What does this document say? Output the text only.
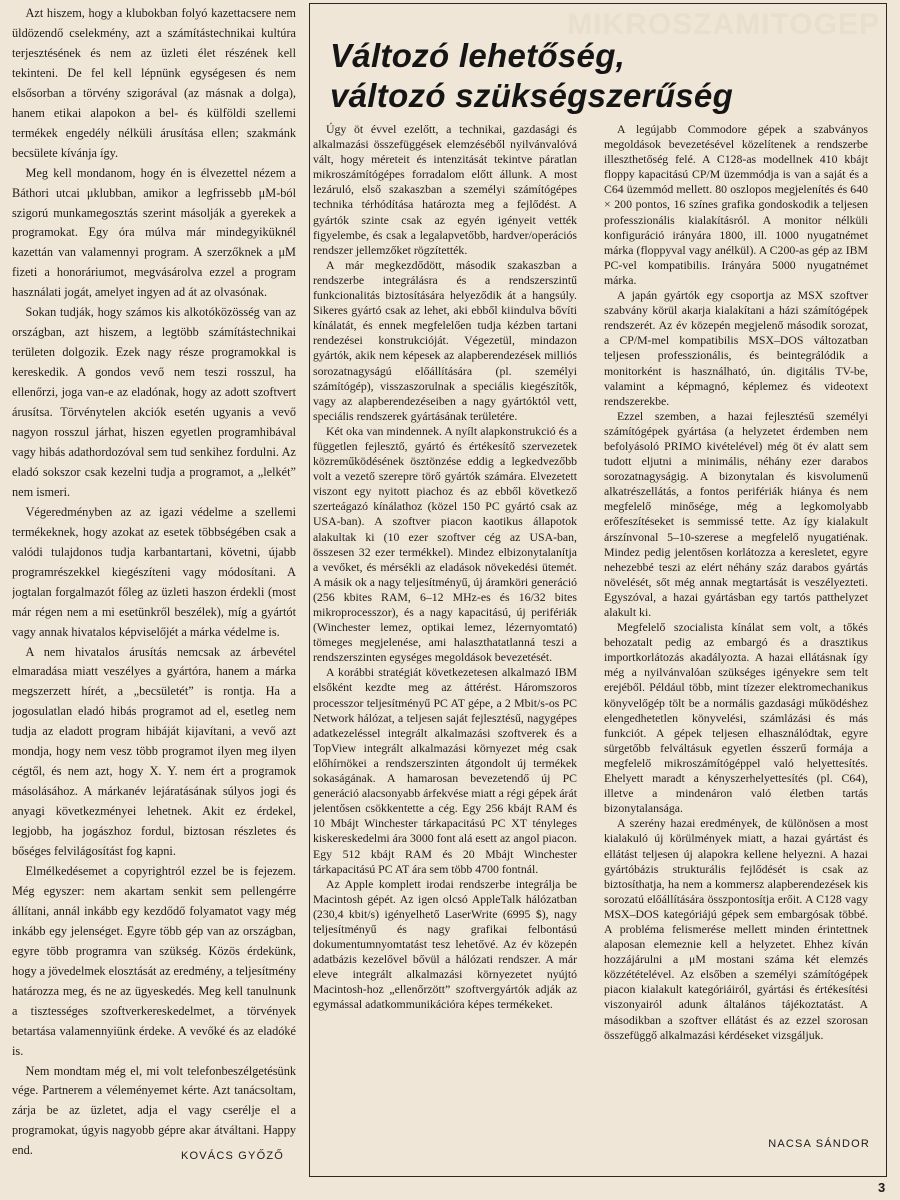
Azt hiszem, hogy a klubokban folyó kazettacsere nem üldözendő cselekmény, azt a számítástechnikai kultúra terjesztésének és nem az üzleti élet részének kell tekinteni. De fel kell lépnünk egységesen és nem elsősorban a törvény szigorával (az másnak a dolga), hanem etikai alapokon a bel- és külföldi szellemi termékek engedély nélküli árusítása ellen; szakmánk becsülete kívánja így.

Meg kell mondanom, hogy én is élvezettel nézem a Báthori utcai μklubban, amikor a legfrissebb μM-ból szigorú munkamegosztás szerint másolják a gyerekek a programokat. Egy óra múlva már mindegyiküknél kazettán van valamennyi program. A szerzőknek a μM fizeti a honoráriumot, megvásárolva ezzel a program használati jogát, amelyet ingyen ad át az olvasónak.

Sokan tudják, hogy számos kis alkotóközösség van az országban, azt hiszem, a legtöbb számítástechnikai területen dolgozik. Ezek nagy része programokkal is kereskedik. A gondos vevő nem teszi rosszul, ha ellenőrzi, joga van-e az eladónak, hogy az adott szoftvert árusítsa. Törvénytelen akciók esetén ugyanis a vevő nagyon rosszul járhat, hiszen egyetlen programhibával vagy hibás adathordozóval sem tud senkihez fordulni. Az eladó sokszor csak kezelni tudja a programot, a „lelkét” nem ismeri.

Végeredményben az az igazi védelme a szellemi termékeknek, hogy azokat az esetek többségében csak a valódi tulajdonos tudja karbantartani, követni, újabb programrészekkel kiegészíteni vagy módosítani. A jogtalan forgalmazót főleg az üzleti haszon érdekli (most már régen nem a mi esetünkről beszélek), míg a gyártót vagy annak hivatalos képviselőjét a márka védelme is.

A nem hivatalos árusítás nemcsak az árbevétel elmaradása miatt veszélyes a gyártóra, hanem a márka megszerzett hírét, a „becsületét” is rontja. Ha a jogosulatlan eladó hibás programot ad el, esetleg nem tudja az eladott program hibáját kijavítani, a vevő azt mondja, hogy nem vesz több programot ilyen meg ilyen cégtől, és nem azt, hogy X. Y. nem ért a programok másolásához. A márkanév lejáratásának súlyos jogi és anyagi következményei lehetnek. Akit ez érdekel, legjobb, ha jogászhoz fordul, biztosan részletes és bőséges felvilágosítást fog kapni.

Elmélkedésemet a copyrightról ezzel be is fejezem. Még egyszer: nem akartam senkit sem pellengérre állítani, annál inkább egy kezdődő folyamatot vagy még inkább egy jelenséget. Egyre több gép van az országban, egyre több programra van szükség. Közös érdekünk, hogy a jövedelmek elosztását az eredmény, a teljesítmény határozza meg, és ne az ügyeskedés. Meg kell tanulnunk a tisztességes szoftverkereskedelmet, a törvények betartása valamennyiünk érdeke. A vevőké és az eladóké is.

Nem mondtam még el, mi volt telefonbeszélgetésünk vége. Partnerem a véleményemet kérte. Azt tanácsoltam, zárja be az üzletet, adja el vagy cserélje el a programokat, úgyis nagyobb gépre akar átváltani. Happy end.	KOVÁCS GYŐZŐ
MIKROSZAMITOGEP
Változó lehetőség,
változó szükségszerűség

Úgy öt évvel ezelőtt, a technikai, gazdasági és alkalmazási összefüggések elemzéséből nyilvánvalóvá vált, hogy méreteit és intenzitását tekintve páratlan mikroszámítógépes forradalom előtt állunk. A most lezáruló, első szakaszban a személyi számítógépes technika térhódítása határozta meg a fejlődést. A gyártók szinte csak az egyén igényeit vették figyelembe, és csak a legalapvetőbb, hardver/operációs rendszer jellemzőket rögzítették.

A már megkezdődött, második szakaszban a rendszerbe integrálásra és a rendszerszintű funkcionalitás biztosítására helyeződik át a hangsúly. Sikeres gyártó csak az lehet, aki ebből kiindulva bővíti kínálatát, és ennek megfelelően tudja kézben tartani rendezései konstrukcióját. Végezetül, mindazon gyártók, akik nem képesek az alapberendezések milliós sorozatnagyságú előállítására (pl. személyi számítógép), visszaszorulnak a speciális kiegészítők, vagy az alapberendezéseiben a nagy gyártóktól vett, speciális rendszerek gyártásának területére.

Két oka van mindennek. A nyílt alapkonstrukció és a független fejlesztő, gyártó és értékesítő szervezetek közreműködésének ösztönzése eddig a legkedvezőbb volt a vezető szerepre törő gyártók számára. Elvezetett viszont egy nyitott piachoz és az ebből következő szerteágazó kínálathoz (közel 150 PC gyártó csak az USA-ban). A szoftver piacon kaotikus állapotok alakultak ki (10 ezer szoftver cég az USA-ban, összesen 32 ezer termékkel). Mindez elbizonytalanítja a vevőket, és mérsékli az eladások növekedési ütemét. A másik ok a nagy teljesítményű, új áramköri generáció (256 kbites RAM, 6–12 MHz-es és 16/32 bites mikroprocesszor), és a nagy kapacitású, új perifériák (Winchester lemez, optikai lemez, lézernyomtató) tömeges megjelenése, ami halaszthatatlanná teszi a rendszerszinten egységes megoldások bevezetését.

A korábbi stratégiát következetesen alkalmazó IBM elsőként kezdte meg az áttérést. Háromszoros processzor teljesítményű PC AT gépe, a 2 Mbit/s-os PC Network hálózat, a teljesen saját fejlesztésű, nagygépes adatkezeléssel integrált alkalmazási szoftverek és a TopView integrált alkalmazási környezet még csak előhírnökei a rendszerszinten átgondolt új termékek sokaságának. A hamarosan bevezetendő új PC generáció alacsonyabb árfekvése miatt a régi gépek árát jelentősen csökkentette a cég. Egy 256 kbájt RAM és 10 Mbájt Winchester tárkapacitású PC XT tényleges kiskereskedelmi ára 3000 font alá esett az angol piacon. Egy 512 kbájt RAM és 20 Mbájt Winchester tárkapacitású PC AT ára sem több 4700 fontnál.

Az Apple komplett irodai rendszerbe integrálja be Macintosh gépét. Az igen olcsó AppleTalk hálózatban (230,4 kbit/s) igényelhető LaserWrite (6995 $), nagy teljesítményű és nagy grafikai felbontású dokumentumnyomtatást tesz lehetővé. Az év közepén adatbázis kezelővel bővül a hálózati rendszer. A már eleve integrált alkalmazási környezetet nyújtó Macintosh-hoz „ellenőrzött” szoftvergyártók adják az egymással adatkommunikációra képes termékeket.

A legújabb Commodore gépek a szabványos megoldások bevezetésével közelítenek a rendszerbe illeszthetőség felé. A C128-as modellnek 410 kbájt floppy kapacitású CP/M üzemmódja is van a saját és a C64 üzemmód mellett. 80 oszlopos megjelenítés és 640 × 200 pontos, 16 színes grafika gondoskodik a teljesen professzionális kialakításról. A monitor nélküli konfiguráció irányára 1800, ill. 1000 nyugatnémet márka (floppyval vagy anélkül). A C200-as gép az IBM PC-vel kompatibilis. Irányára 5000 nyugatnémet márka.

A japán gyártók egy csoportja az MSX szoftver szabvány körül akarja kialakítani a házi számítógépek rendszerét. Az év közepén megjelenő második sorozat, a CP/M-mel kompatibilis MSX–DOS változatban teljesen professzionális, és beintegrálódik a monitorként is használható, ún. digitális TV-be, valamint a képmagnó, képlemez és videotext rendszerekbe.

Ezzel szemben, a hazai fejlesztésű személyi számítógépek gyártása (a helyzetet érdemben nem befolyásoló PRIMO kivételével) még öt év alatt sem tudott eljutni a minimális, néhány ezer darabos sorozatnagyságig. A bizonytalan és kisvolumenű alkatrészellátás, a fontos perifériák hiánya és nem megfelelő minősége, még a legkomolyabb erőfeszítéseket is semmissé tette. Az így kialakult árszínvonal 5–10-szerese a megfelelő nyugatiénak. Mindez pedig jelentősen korlátozza a keresletet, egyre nehezebbé teszi az elért néhány száz darabos gyártás növelését, sőt még annak megtartását is veszélyezteti. Egyszóval, a hazai gyártásban egy tartós patthelyzet alakult ki.

Megfelelő szocialista kínálat sem volt, a tőkés behozatalt pedig az embargó és a drasztikus importkorlátozás akadályozta. A hazai ellátásnak így még a nyilvánvalóan szükséges igényekre sem telt erejéből. Például több, mint tízezer elektromechanikus könyvelőgép tölt be a normális gazdasági működéshez elengedhetetlen könyvelési, számlázási és más funkciót. A gépek teljesen elhasználódtak, egyre sürgetőbb felváltásuk egyetlen ésszerű formája a megfelelő mikroszámítógéppel való helyettesítés. Ehelyett maradt a kényszerhelyettesítés (pl. C64), illetve a mindenáron való életben tartás bizonytalansága.

A szerény hazai eredmények, de különösen a most kialakuló új körülmények miatt, a hazai gyártást és ellátást teljesen új alapokra kellene helyezni. A hazai gyártóbázis strukturális fejlődését is csak az biztosíthatja, ha nem a kommersz alapberendezések kis sorozatú előállítására összpontosítja erőit. A C128 vagy MSX–DOS kategóriájú gépek sem embargósak többé. A probléma felismerése mellett minden érintettnek alaposan elemeznie kell a helyzetet. Ehhez kíván hozzájárulni a μM mostani száma két elemzés közzétételével. Az elsőben a személyi számítógépek piacon kialakult kategóriáiról, gyártási és értékesítési viszonyairól adunk általános tájékoztatást. A másodikban a szoftver ellátást és az ezzel szorosan összefüggő alkalmazási kérdéseket vizsgáljuk.

NACSA SÁNDOR
3
